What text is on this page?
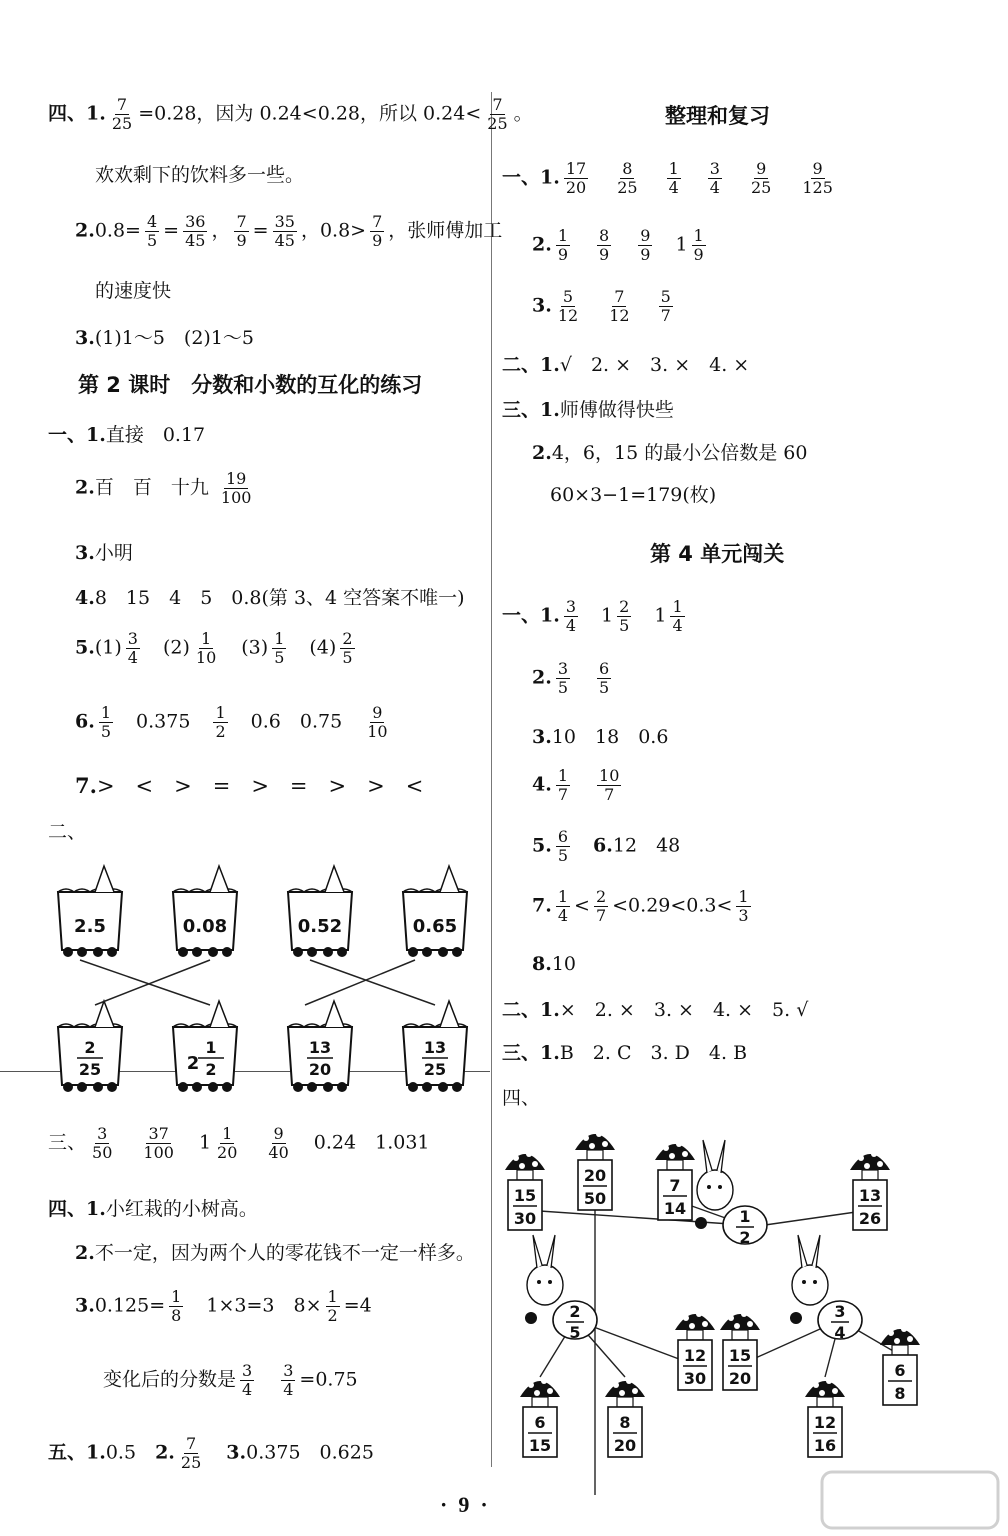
四、1. $\frac{7}{25} =0.28$，因为 0.24<0.28，所以 $0.24< \frac{7}{25}$ 。
欢欢剩下的饮料多一些。
$2.0.8= \frac{4}{5} = \frac{36}{45}$ ， $\frac{7}{9} = \frac{35}{45}$ ，$0.8> \frac{7}{9}$ ，张师傅加工
的速度快
3.(1)1～5　(2)1～5
第 2 课时　分数和小数的互化的练习
一、1.直接　0.17
2.百　百　十九 $\frac{19}{100}$
3.小明
4.8　15　4　5　0.8(第 3、4 空答案不唯一)
$5.(1) \frac{3}{4}$
　 $(2) \frac{1}{10}$
　 $(3) \frac{1}{5}$
　 $(4) \frac{2}{5}$
6. $\frac{1}{5}$
　 0.375　 $\frac{1}{2}$
　 0.6　0.75　 $\frac{9}{10}$
7.>　<　>　=　>　=　>　>　<
二、
2.5	0.08	0.52	0.65
2
25	2
1
2
13
20
13
25
三、 $\frac{3}{50}$
　 $\frac{37}{100}$
　 $1 \frac{1}{20}$
　 $\frac{9}{40}$
　 0.24　1.031
四、1.小红栽的小树高。
2.不一定，因为两个人的零花钱不一定一样多。
$3.0.125= \frac{1}{8}$
　 1×3=3　$8\times \frac{1}{2} =4$
变化后的分数是 $\frac{3}{4}$
　 $\frac{3}{4} =0.75$
五、1.0.5　 2. $\frac{7}{25}$
　 3.0.375　0.625
整理和复习
一、1. $\frac{17}{20}$
　 $\frac{8}{25}$
　 $\frac{1}{4}$
　 $\frac{3}{4}$
　 $\frac{9}{25}$
　 $\frac{9}{125}$
2. $\frac{1}{9}$
　 $\frac{8}{9}$
　 $\frac{9}{9}$
　 $1 \frac{1}{9}$
3. $\frac{5}{12}$
　 $\frac{7}{12}$
　 $\frac{5}{7}$
二、1.√　2. ×　3. ×　4. ×
三、1.师傅做得快些
2.4，6，15 的最小公倍数是 60
60×3−1=179(枚)
第 4 单元闯关
一、1. $\frac{3}{4}$
　 $1 \frac{2}{5}$
　 $1 \frac{1}{4}$
2. $\frac{3}{5}$
　 $\frac{6}{5}$
3.10　18　0.6
4. $\frac{1}{7}$
　 $\frac{10}{7}$
5. $\frac{6}{5}$
　 6.12　48
7. $\frac{1}{4} < \frac{2}{7} <0.29<0.3< \frac{1}{3}$
8.10
二、1.×　2. ×　3. ×　4. ×　5. √
三、1.B　2. C　3. D　4. B
四、
15
30
20
50
7
14
13
26
12
30
15
20	6
8
6
15
8
20
12
16
1
2
2
5
3
4
·  9  ·
